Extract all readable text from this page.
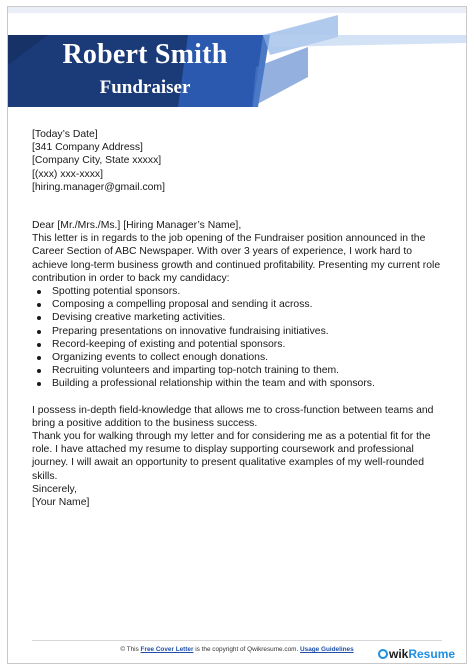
Robert Smith
Fundraiser

[Today’s Date]

[341 Company Address]

[Company City, State xxxxx]

[(xxx) xxx-xxxx]

[hiring.manager@gmail.com]

Dear [Mr./Mrs./Ms.] [Hiring Manager’s Name],

This letter is in regards to the job opening of the Fundraiser position announced in the Career Section of ABC Newspaper. With over 3 years of experience, I work hard to achieve long-term business growth and continued profitability. Presenting my current role contribution in order to back my candidacy:

Spotting potential sponsors.
Composing a compelling proposal and sending it across.
Devising creative marketing activities.
Preparing presentations on innovative fundraising initiatives.
Record-keeping of existing and potential sponsors.
Organizing events to collect enough donations.
Recruiting volunteers and imparting top-notch training to them.
Building a professional relationship within the team and with sponsors.

I possess in-depth field-knowledge that allows me to cross-function between teams and bring a positive addition to the business success.

Thank you for walking through my letter and for considering me as a potential fit for the role. I have attached my resume to display supporting coursework and professional journey. I will await an opportunity to present qualitative examples of my well-rounded skills.

Sincerely,

[Your Name]

© This Free Cover Letter is the copyright of Qwikresume.com. Usage Guidelines	wikResume
